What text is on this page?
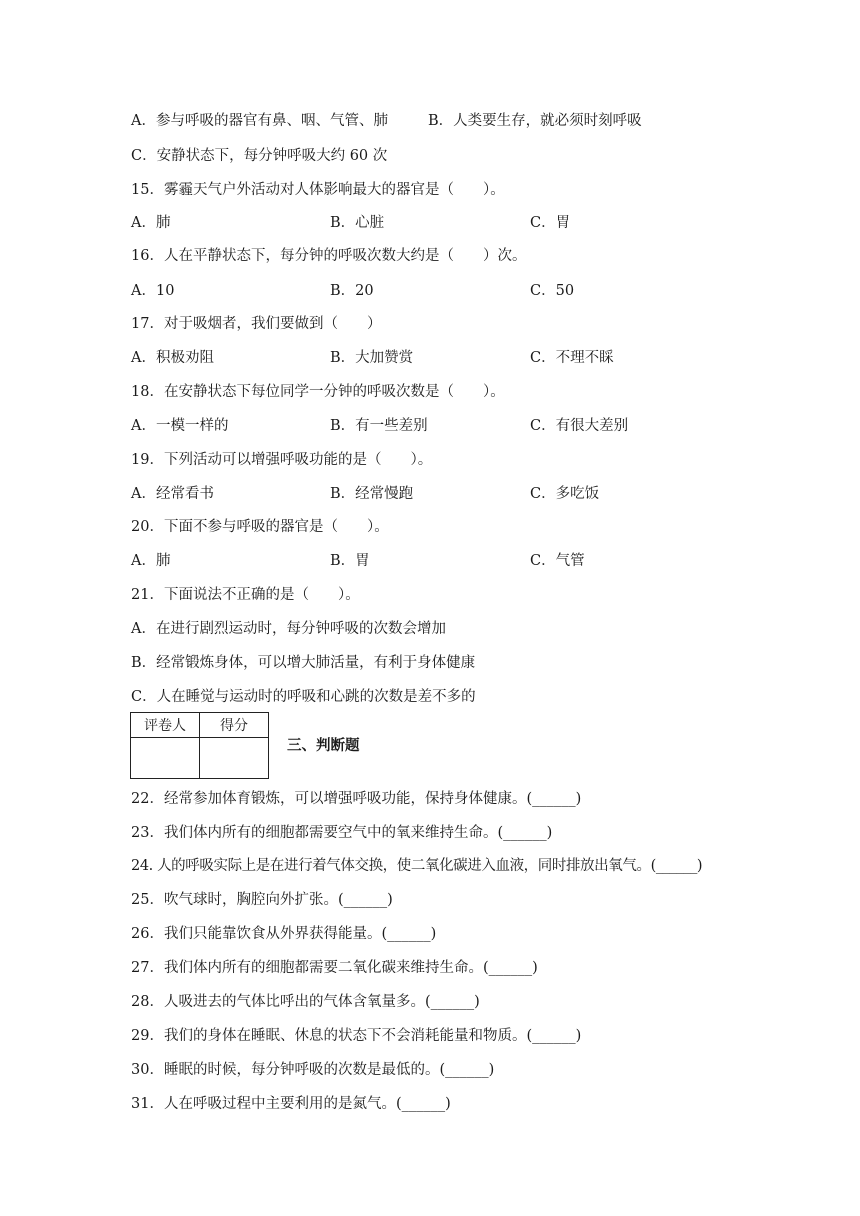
A．参与呼吸的器官有鼻、咽、气管、肺	B．人类要生存，就必须时刻呼吸
C．安静状态下，每分钟呼吸大约 60 次
15．雾霾天气户外活动对人体影响最大的器官是（　　）。
A．肺	B．心脏	C．胃
16．人在平静状态下，每分钟的呼吸次数大约是（　　）次。
A．10	B．20	C．50
17．对于吸烟者，我们要做到（　　）
A．积极劝阻	B．大加赞赏	C．不理不睬
18．在安静状态下每位同学一分钟的呼吸次数是（　　）。
A．一模一样的	B．有一些差别	C．有很大差别
19．下列活动可以增强呼吸功能的是（　　）。
A．经常看书	B．经常慢跑	C．多吃饭
20．下面不参与呼吸的器官是（　　）。
A．肺	B．胃	C．气管
21．下面说法不正确的是（　　）。
A．在进行剧烈运动时，每分钟呼吸的次数会增加
B．经常锻炼身体，可以增大肺活量，有利于身体健康
C．人在睡觉与运动时的呼吸和心跳的次数是差不多的
评卷人	得分

三、判断题
22．经常参加体育锻炼，可以增强呼吸功能，保持身体健康。(______)
23．我们体内所有的细胞都需要空气中的氧来维持生命。(______)
24. 人的呼吸实际上是在进行着气体交换，使二氧化碳进入血液，同时排放出氧气。(______)
25．吹气球时，胸腔向外扩张。(______)
26．我们只能靠饮食从外界获得能量。(______)
27．我们体内所有的细胞都需要二氧化碳来维持生命。(______)
28．人吸进去的气体比呼出的气体含氧量多。(______)
29．我们的身体在睡眠、休息的状态下不会消耗能量和物质。(______)
30．睡眠的时候，每分钟呼吸的次数是最低的。(______)
31．人在呼吸过程中主要利用的是氮气。(______)
